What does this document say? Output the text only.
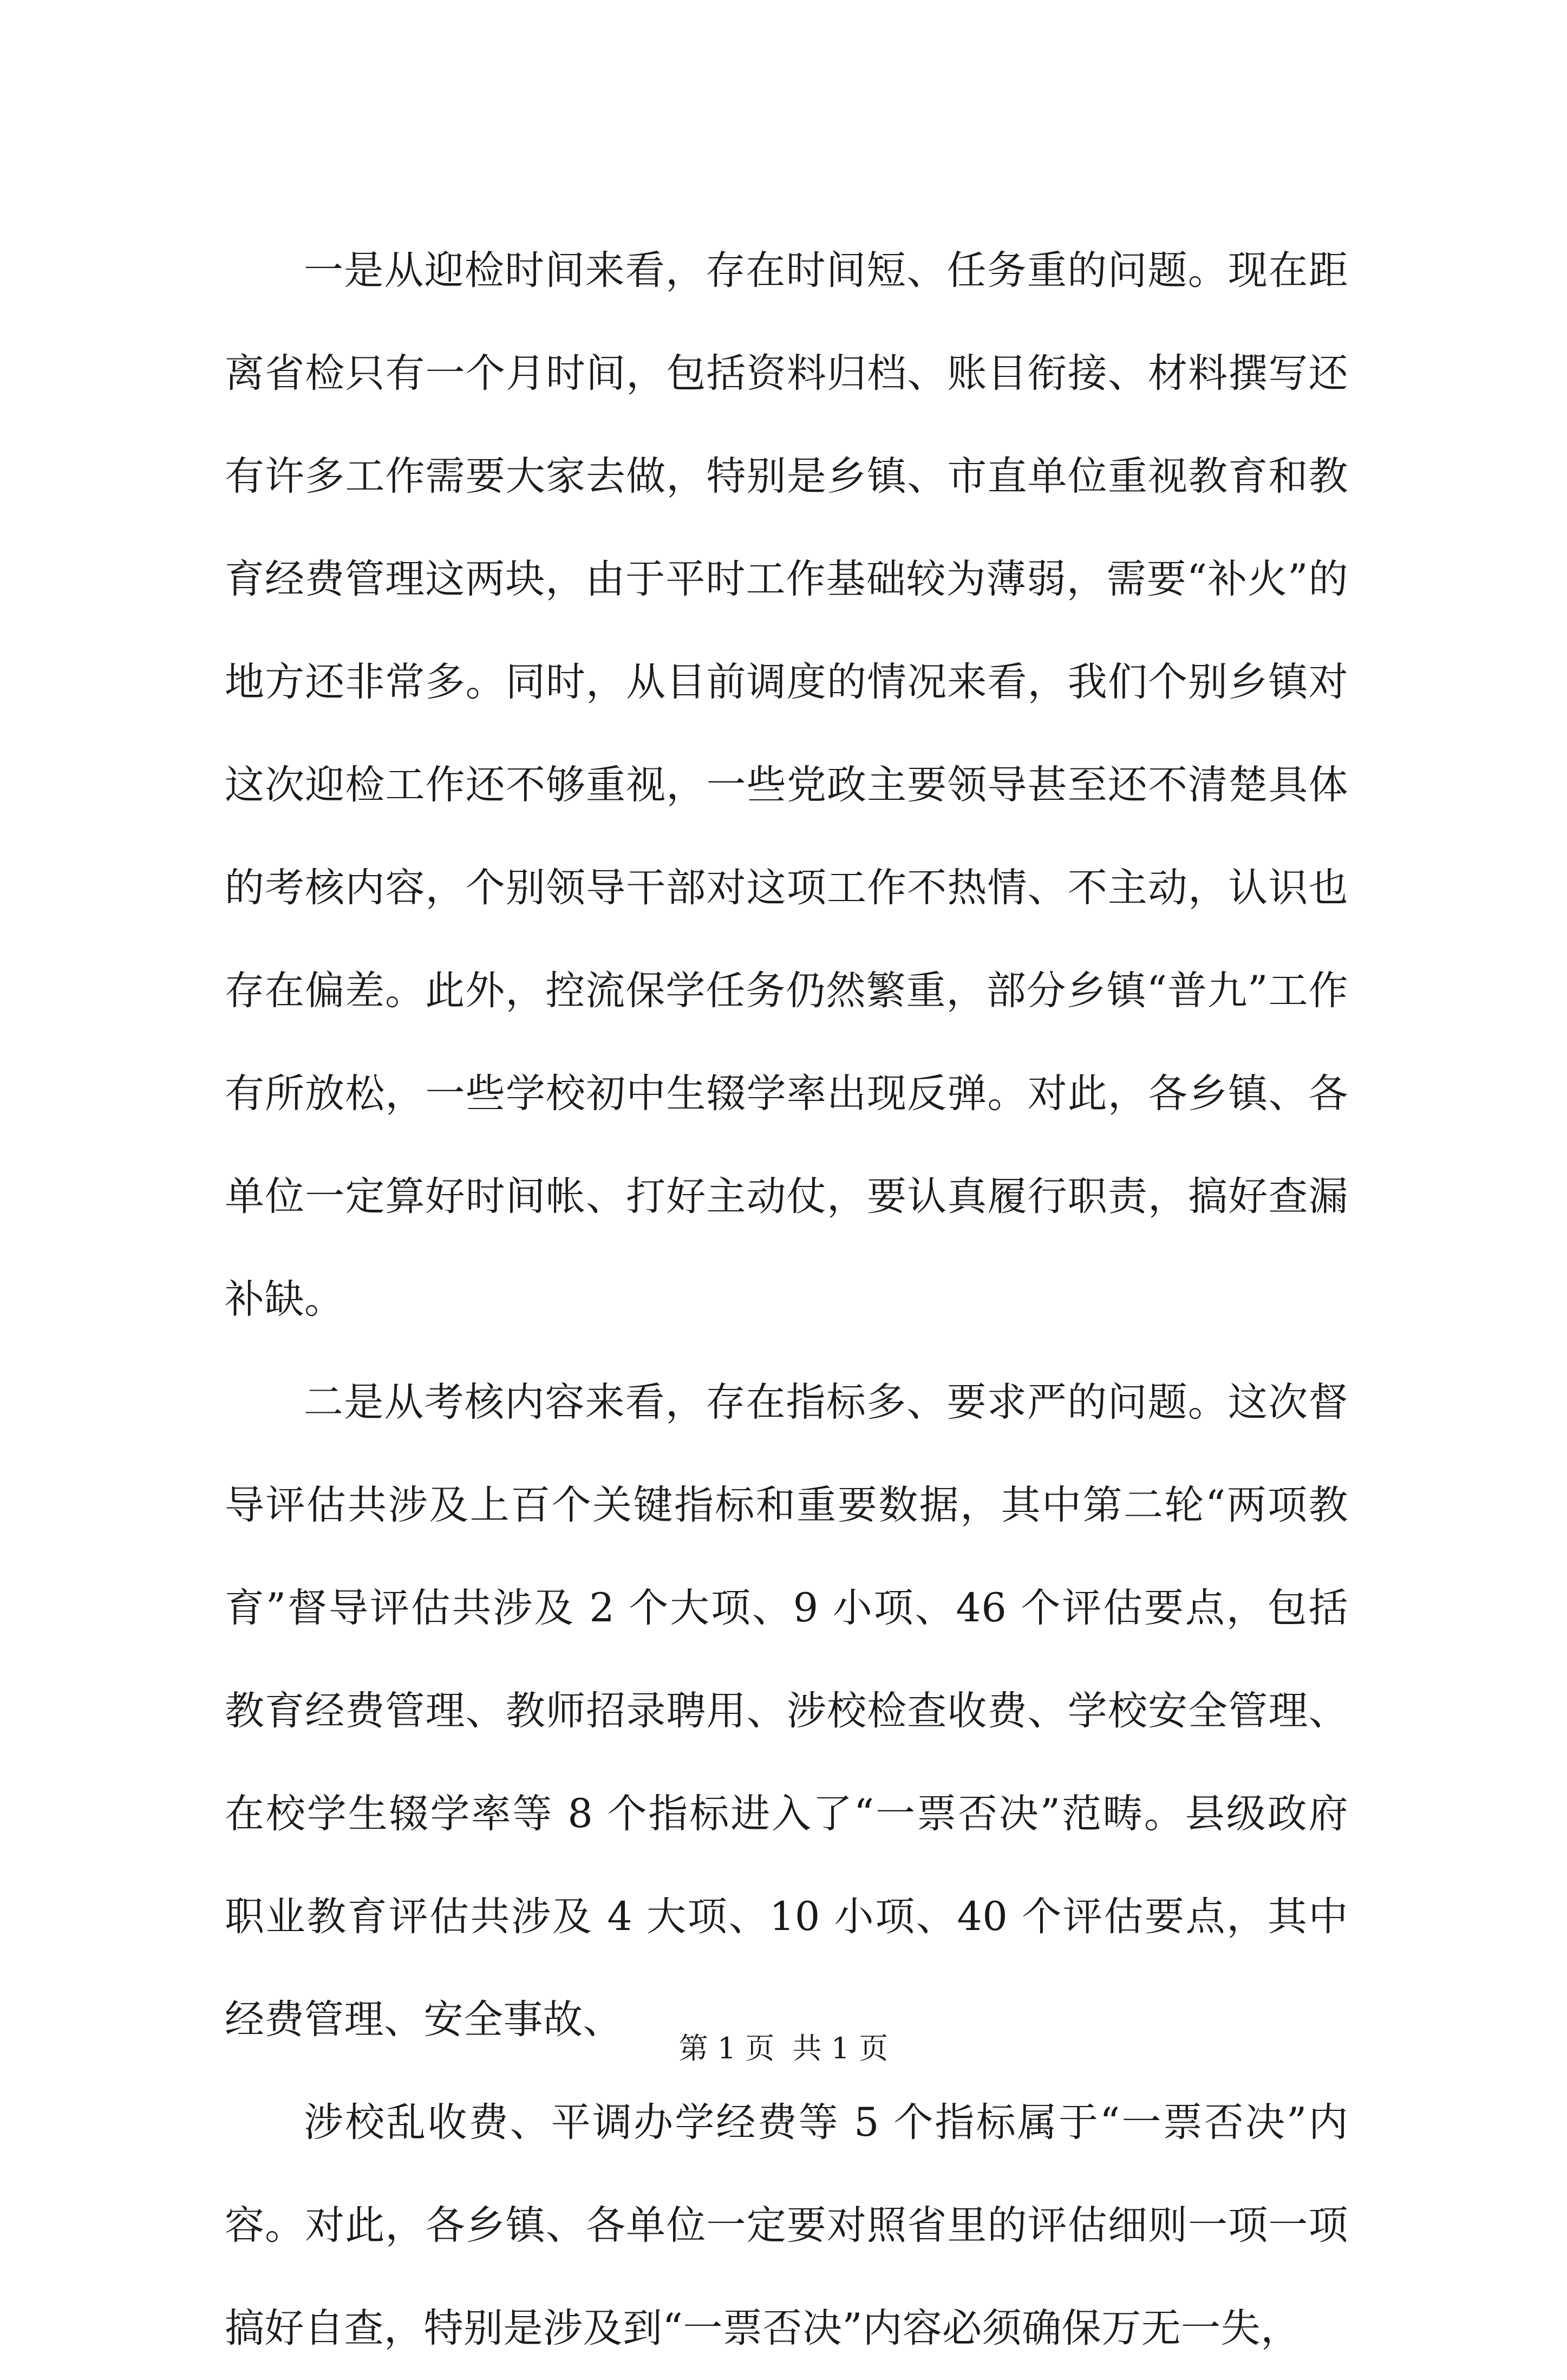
一是从迎检时间来看，存在时间短、任务重的问题。现在距离省检只有一个月时间，包括资料归档、账目衔接、材料撰写还有许多工作需要大家去做，特别是乡镇、市直单位重视教育和教育经费管理这两块，由于平时工作基础较为薄弱，需要“补火”的地方还非常多。同时，从目前调度的情况来看，我们个别乡镇对这次迎检工作还不够重视，一些党政主要领导甚至还不清楚具体的考核内容，个别领导干部对这项工作不热情、不主动，认识也存在偏差。此外，控流保学任务仍然繁重，部分乡镇“普九”工作有所放松，一些学校初中生辍学率出现反弹。对此，各乡镇、各单位一定算好时间帐、打好主动仗，要认真履行职责，搞好查漏补缺。

二是从考核内容来看，存在指标多、要求严的问题。这次督导评估共涉及上百个关键指标和重要数据，其中第二轮“两项教育”督导评估共涉及 2 个大项、9 小项、46 个评估要点，包括教育经费管理、教师招录聘用、涉校检查收费、学校安全管理、在校学生辍学率等 8 个指标进入了“一票否决”范畴。县级政府职业教育评估共涉及 4 大项、10 小项、40 个评估要点，其中经费管理、安全事故、

涉校乱收费、平调办学经费等 5 个指标属于“一票否决”内容。对此，各乡镇、各单位一定要对照省里的评估细则一项一项搞好自查，特别是涉及到“一票否决”内容必须确保万无一失，

第 1 页 共 1 页
